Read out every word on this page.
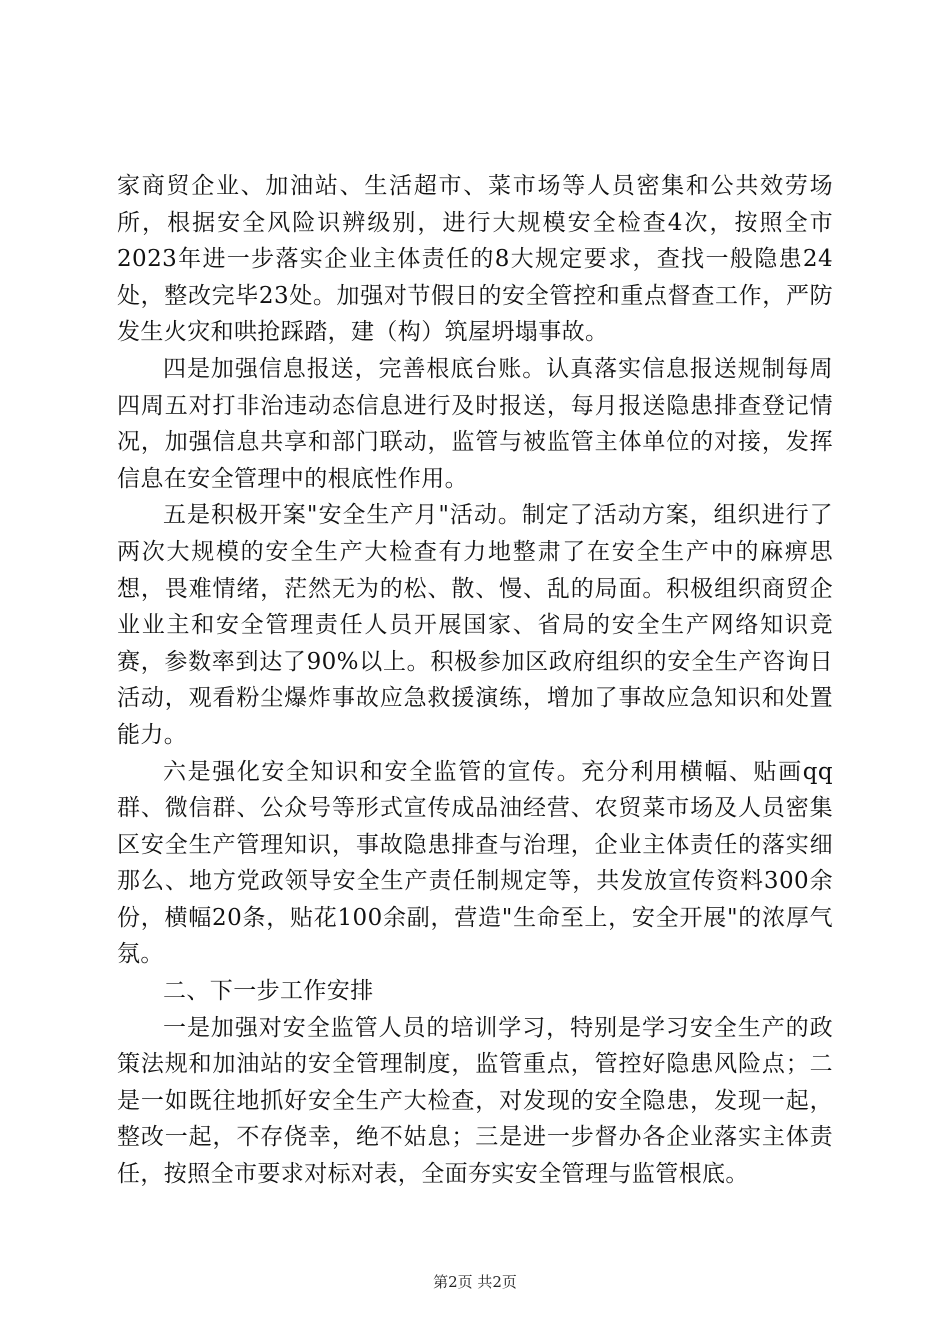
家商贸企业、加油站、生活超市、菜市场等人员密集和公共效劳场所，根据安全风险识辨级别，进行大规模安全检查4次，按照全市2023年进一步落实企业主体责任的8大规定要求，查找一般隐患24处，整改完毕23处。加强对节假日的安全管控和重点督查工作，严防发生火灾和哄抢踩踏，建（构）筑屋坍塌事故。

四是加强信息报送，完善根底台账。认真落实信息报送规制每周四周五对打非治违动态信息进行及时报送，每月报送隐患排查登记情况，加强信息共享和部门联动，监管与被监管主体单位的对接，发挥信息在安全管理中的根底性作用。

五是积极开案"安全生产月"活动。制定了活动方案，组织进行了两次大规模的安全生产大检查有力地整肃了在安全生产中的麻痹思想，畏难情绪，茫然无为的松、散、慢、乱的局面。积极组织商贸企业业主和安全管理责任人员开展国家、省局的安全生产网络知识竞赛，参数率到达了90%以上。积极参加区政府组织的安全生产咨询日活动，观看粉尘爆炸事故应急救援演练，增加了事故应急知识和处置能力。

六是强化安全知识和安全监管的宣传。充分利用横幅、贴画qq群、微信群、公众号等形式宣传成品油经营、农贸菜市场及人员密集区安全生产管理知识，事故隐患排查与治理，企业主体责任的落实细那么、地方党政领导安全生产责任制规定等，共发放宣传资料300余份，横幅20条，贴花100余副，营造"生命至上，安全开展"的浓厚气氛。

二、下一步工作安排

一是加强对安全监管人员的培训学习，特别是学习安全生产的政策法规和加油站的安全管理制度，监管重点，管控好隐患风险点；二是一如既往地抓好安全生产大检查，对发现的安全隐患，发现一起，整改一起，不存侥幸，绝不姑息；三是进一步督办各企业落实主体责任，按照全市要求对标对表，全面夯实安全管理与监管根底。

第2页 共2页
